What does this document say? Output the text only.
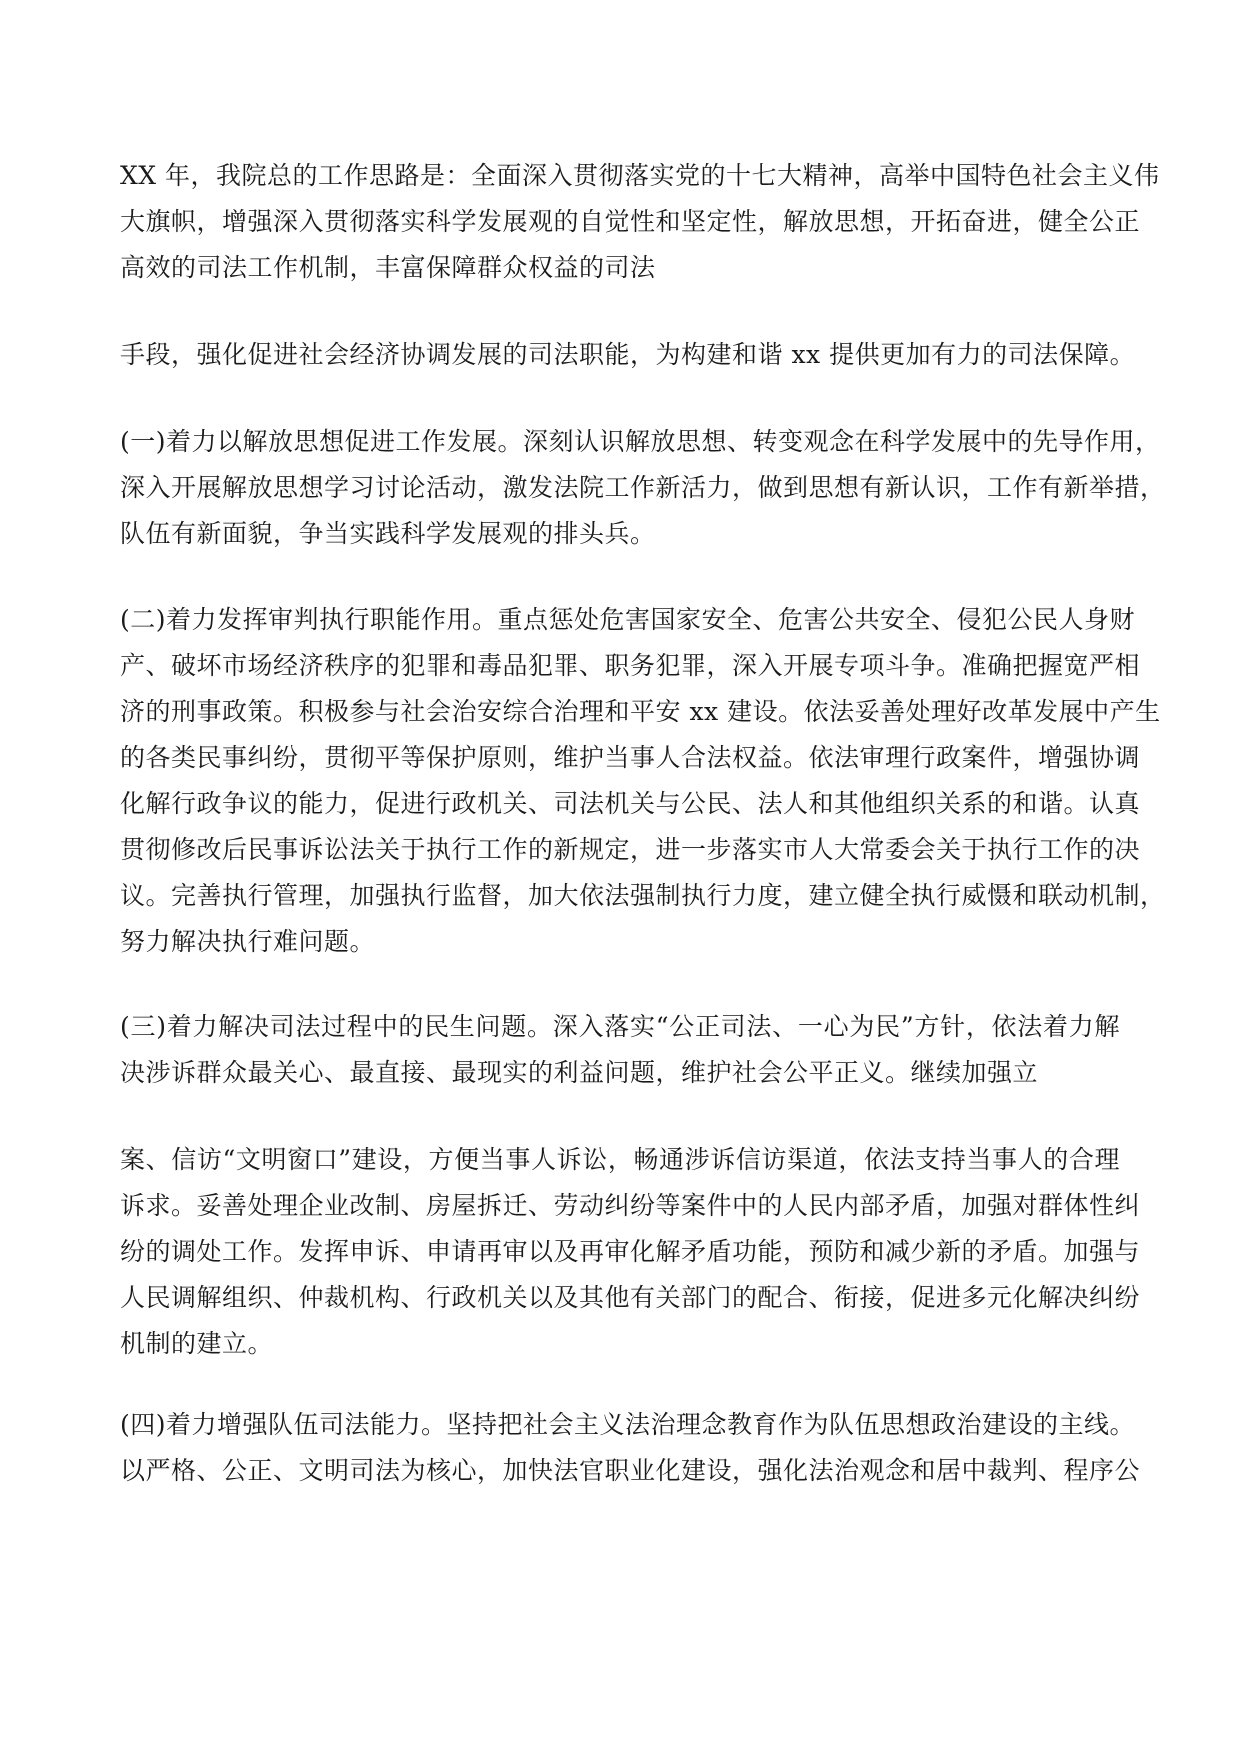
XX 年，我院总的工作思路是：全面深入贯彻落实党的十七大精神，高举中国特色社会主义伟
大旗帜，增强深入贯彻落实科学发展观的自觉性和坚定性，解放思想，开拓奋进，健全公正
高效的司法工作机制，丰富保障群众权益的司法
手段，强化促进社会经济协调发展的司法职能，为构建和谐 xx 提供更加有力的司法保障。
(一)着力以解放思想促进工作发展。深刻认识解放思想、转变观念在科学发展中的先导作用，
深入开展解放思想学习讨论活动，激发法院工作新活力，做到思想有新认识，工作有新举措，
队伍有新面貌，争当实践科学发展观的排头兵。
(二)着力发挥审判执行职能作用。重点惩处危害国家安全、危害公共安全、侵犯公民人身财
产、破坏市场经济秩序的犯罪和毒品犯罪、职务犯罪，深入开展专项斗争。准确把握宽严相
济的刑事政策。积极参与社会治安综合治理和平安 xx 建设。依法妥善处理好改革发展中产生
的各类民事纠纷，贯彻平等保护原则，维护当事人合法权益。依法审理行政案件，增强协调
化解行政争议的能力，促进行政机关、司法机关与公民、法人和其他组织关系的和谐。认真
贯彻修改后民事诉讼法关于执行工作的新规定，进一步落实市人大常委会关于执行工作的决
议。完善执行管理，加强执行监督，加大依法强制执行力度，建立健全执行威慑和联动机制，
努力解决执行难问题。
(三)着力解决司法过程中的民生问题。深入落实“公正司法、一心为民”方针，依法着力解
决涉诉群众最关心、最直接、最现实的利益问题，维护社会公平正义。继续加强立
案、信访“文明窗口”建设，方便当事人诉讼，畅通涉诉信访渠道，依法支持当事人的合理
诉求。妥善处理企业改制、房屋拆迁、劳动纠纷等案件中的人民内部矛盾，加强对群体性纠
纷的调处工作。发挥申诉、申请再审以及再审化解矛盾功能，预防和减少新的矛盾。加强与
人民调解组织、仲裁机构、行政机关以及其他有关部门的配合、衔接，促进多元化解决纠纷
机制的建立。
(四)着力增强队伍司法能力。坚持把社会主义法治理念教育作为队伍思想政治建设的主线。
以严格、公正、文明司法为核心，加快法官职业化建设，强化法治观念和居中裁判、程序公
